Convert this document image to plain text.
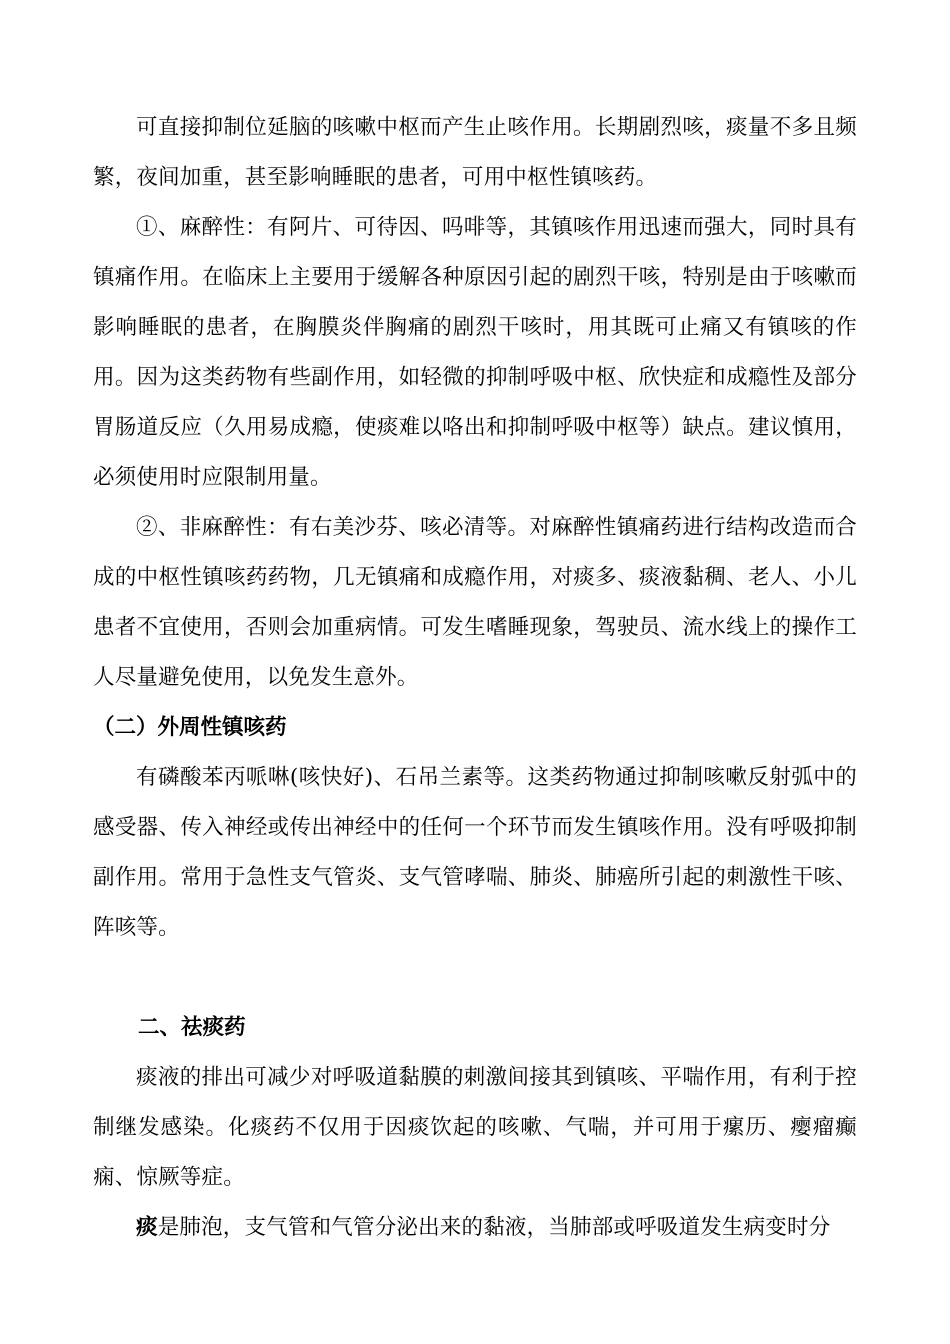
可直接抑制位延脑的咳嗽中枢而产生止咳作用。长期剧烈咳，痰量不多且频繁，夜间加重，甚至影响睡眠的患者，可用中枢性镇咳药。

①、麻醉性：有阿片、可待因、吗啡等，其镇咳作用迅速而强大，同时具有镇痛作用。在临床上主要用于缓解各种原因引起的剧烈干咳，特别是由于咳嗽而影响睡眠的患者，在胸膜炎伴胸痛的剧烈干咳时，用其既可止痛又有镇咳的作用。因为这类药物有些副作用，如轻微的抑制呼吸中枢、欣快症和成瘾性及部分胃肠道反应（久用易成瘾，使痰难以咯出和抑制呼吸中枢等）缺点。建议慎用，必须使用时应限制用量。

②、非麻醉性：有右美沙芬、咳必清等。对麻醉性镇痛药进行结构改造而合成的中枢性镇咳药药物，几无镇痛和成瘾作用，对痰多、痰液黏稠、老人、小儿患者不宜使用，否则会加重病情。可发生嗜睡现象，驾驶员、流水线上的操作工人尽量避免使用，以免发生意外。

（二）外周性镇咳药

有磷酸苯丙哌啉(咳快好)、石吊兰素等。这类药物通过抑制咳嗽反射弧中的感受器、传入神经或传出神经中的任何一个环节而发生镇咳作用。没有呼吸抑制副作用。常用于急性支气管炎、支气管哮喘、肺炎、肺癌所引起的刺激性干咳、阵咳等。

二、祛痰药

痰液的排出可减少对呼吸道黏膜的刺激间接其到镇咳、平喘作用，有利于控制继发感染。化痰药不仅用于因痰饮起的咳嗽、气喘，并可用于瘰历、瘿瘤癫痫、惊厥等症。

痰是肺泡，支气管和气管分泌出来的黏液，当肺部或呼吸道发生病变时分
